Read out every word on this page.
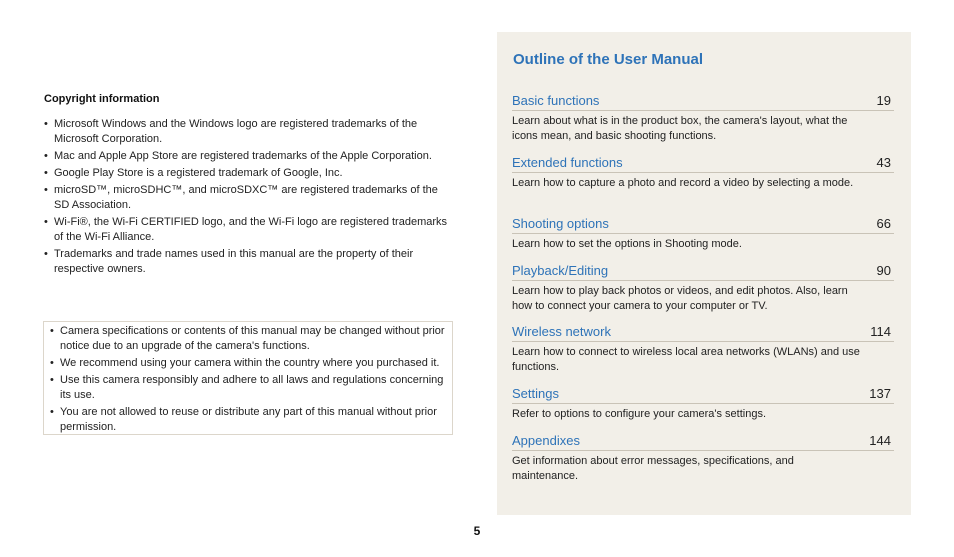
Copyright information
• Microsoft Windows and the Windows logo are registered trademarks of the Microsoft Corporation.
• Mac and Apple App Store are registered trademarks of the Apple Corporation.
• Google Play Store is a registered trademark of Google, Inc.
• microSD™, microSDHC™, and microSDXC™ are registered trademarks of the SD Association.
• Wi-Fi®, the Wi-Fi CERTIFIED logo, and the Wi-Fi logo are registered trademarks of the Wi-Fi Alliance.
• Trademarks and trade names used in this manual are the property of their respective owners.
• Camera specifications or contents of this manual may be changed without prior notice due to an upgrade of the camera's functions.
• We recommend using your camera within the country where you purchased it.
• Use this camera responsibly and adhere to all laws and regulations concerning its use.
• You are not allowed to reuse or distribute any part of this manual without prior permission.
Outline of the User Manual
Basic functions	19
Learn about what is in the product box, the camera's layout, what the icons mean, and basic shooting functions.
Extended functions	43
Learn how to capture a photo and record a video by selecting a mode.
Shooting options	66
Learn how to set the options in Shooting mode.
Playback/Editing	90
Learn how to play back photos or videos, and edit photos. Also, learn how to connect your camera to your computer or TV.
Wireless network	114
Learn how to connect to wireless local area networks (WLANs) and use functions.
Settings	137
Refer to options to configure your camera's settings.
Appendixes	144
Get information about error messages, specifications, and maintenance.
5
